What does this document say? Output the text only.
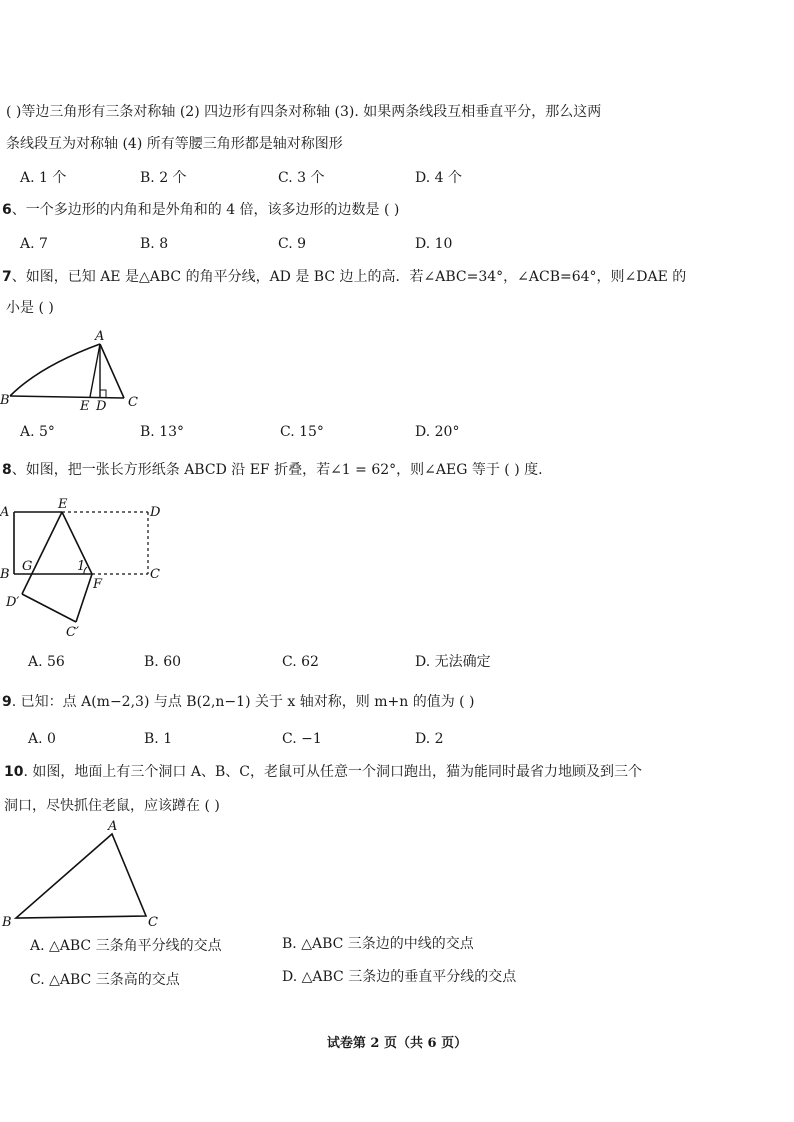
( )等边三角形有三条对称轴 (2) 四边形有四条对称轴 (3). 如果两条线段互相垂直平分，那么这两
条线段互为对称轴 (4) 所有等腰三角形都是轴对称图形
A. 1 个	B. 2 个	C. 3 个	D. 4 个
6、一个多边形的内角和是外角和的 4 倍，该多边形的边数是 ( )
A. 7	B. 8	C. 9	D. 10
7、如图，已知 AE 是△ABC 的角平分线，AD 是 BC 边上的高．若∠ABC=34°，∠ACB=64°，则∠DAE 的
小是 ( )
A
B	C
E D
A. 5°	B. 13°	C. 15°	D. 20°
8、如图，把一张长方形纸条 ABCD 沿 EF 折叠，若∠1 = 62°，则∠AEG 等于 ( ) 度.
A
E
D
B
G	1
F
C
D′
C′
A. 56	B. 60	C. 62	D. 无法确定
9. 已知：点 A(m−2,3) 与点 B(2,n−1) 关于 x 轴对称，则 m+n 的值为 ( )
A. 0	B. 1	C. −1	D. 2
10. 如图，地面上有三个洞口 A、B、C，老鼠可从任意一个洞口跑出，猫为能同时最省力地顾及到三个
洞口，尽快抓住老鼠，应该蹲在 ( )
A
B	C
A. △ABC 三条角平分线的交点	B. △ABC 三条边的中线的交点
C. △ABC 三条高的交点	D. △ABC 三条边的垂直平分线的交点
试卷第 2 页（共 6 页）
